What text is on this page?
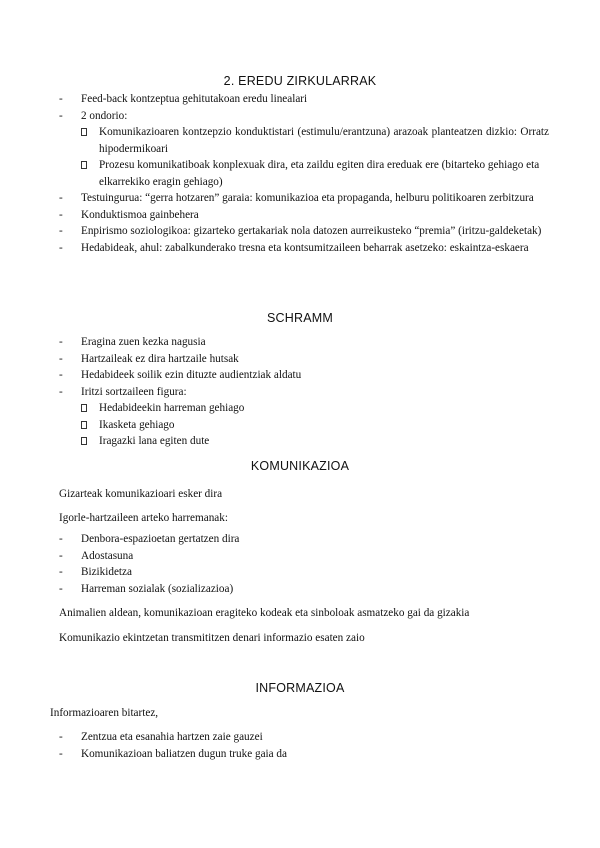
2. EREDU ZIRKULARRAK
- Feed-back kontzeptua gehitutakoan eredu linealari
- 2 ondorio:
Komunikazioaren kontzepzio konduktistari (estimulu/erantzuna) arazoak planteatzen dizkio: Orratz hipodermikoari
Prozesu komunikatiboak konplexuak dira, eta zaildu egiten dira ereduak ere (bitarteko gehiago eta elkarrekiko eragin gehiago)
- Testuingurua: “gerra hotzaren” garaia: komunikazioa eta propaganda, helburu politikoaren zerbitzura
- Konduktismoa gainbehera
- Enpirismo soziologikoa: gizarteko gertakariak nola datozen aurreikusteko “premia” (iritzu-galdeketak)
- Hedabideak, ahul: zabalkunderako tresna eta kontsumitzaileen beharrak asetzeko: eskaintza-eskaera
SCHRAMM
- Eragina zuen kezka nagusia
- Hartzaileak ez dira hartzaile hutsak
- Hedabideek soilik ezin dituzte audientziak aldatu
- Iritzi sortzaileen figura:
Hedabideekin harreman gehiago
Ikasketa gehiago
Iragazki lana egiten dute
KOMUNIKAZIOA

Gizarteak komunikazioari esker dira

Igorle-hartzaileen arteko harremanak:

- Denbora-espazioetan gertatzen dira
- Adostasuna
- Bizikidetza
- Harreman sozialak (sozializazioa)

Animalien aldean, komunikazioan eragiteko kodeak eta sinboloak asmatzeko gai da gizakia

Komunikazio ekintzetan transmititzen denari informazio esaten zaio

INFORMAZIOA

Informazioaren bitartez,

- Zentzua eta esanahia hartzen zaie gauzei
- Komunikazioan baliatzen dugun truke gaia da
